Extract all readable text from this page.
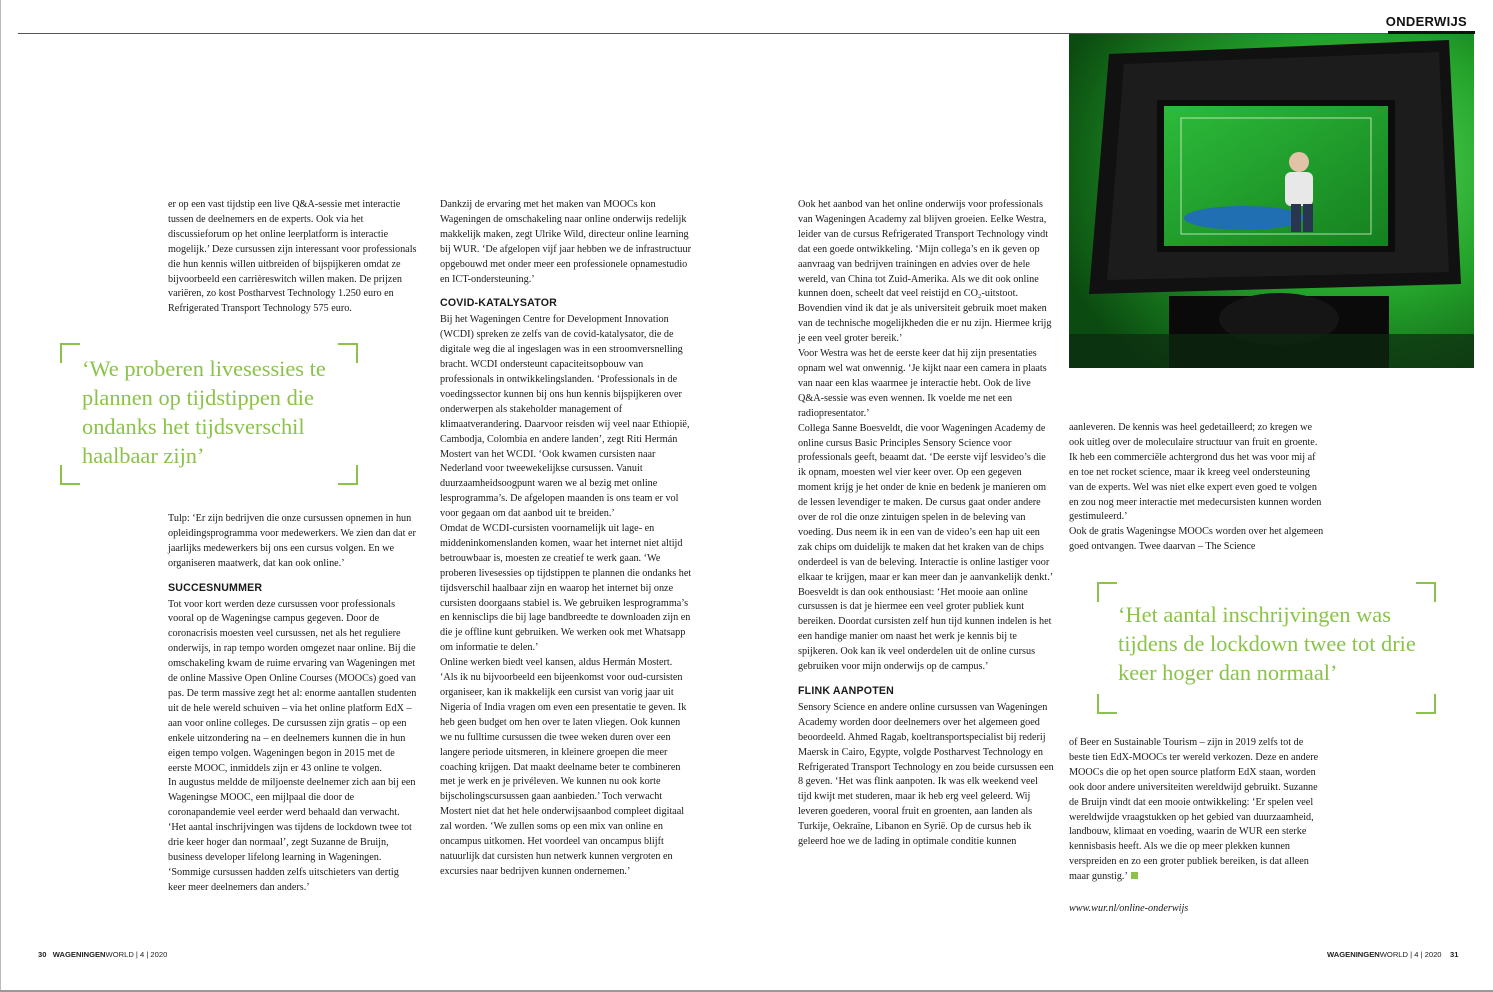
ONDERWIJS

er op een vast tijdstip een live Q&A-sessie met interactie tussen de deelnemers en de experts. Ook via het discussieforum op het online leerplatform is interactie mogelijk.’ Deze cursussen zijn interessant voor professionals die hun kennis willen uitbreiden of bijspijkeren omdat ze bijvoorbeeld een carrièreswitch willen maken. De prijzen variëren, zo kost Postharvest Technology 1.250 euro en Refrigerated Transport Technology 575 euro.

‘We proberen livesessies te plannen op tijdstippen die ondanks het tijdsverschil haalbaar zijn’

Tulp: ‘Er zijn bedrijven die onze cursussen opnemen in hun opleidingsprogramma voor medewerkers. We zien dan dat er jaarlijks medewerkers bij ons een cursus volgen. En we organiseren maatwerk, dat kan ook online.’

SUCCESNUMMER

Tot voor kort werden deze cursussen voor professionals vooral op de Wageningse campus gegeven. Door de coronacrisis moesten veel cursussen, net als het reguliere onderwijs, in rap tempo worden omgezet naar online. Bij die omschakeling kwam de ruime ervaring van Wageningen met de online Massive Open Online Courses (MOOCs) goed van pas. De term massive zegt het al: enorme aantallen studenten uit de hele wereld schuiven – via het online platform EdX – aan voor online colleges. De cursussen zijn gratis – op een enkele uitzondering na – en deelnemers kunnen die in hun eigen tempo volgen. Wageningen begon in 2015 met de eerste MOOC, inmiddels zijn er 43 online te volgen.

In augustus meldde de miljoenste deelnemer zich aan bij een Wageningse MOOC, een mijlpaal die door de coronapandemie veel eerder werd behaald dan verwacht. ‘Het aantal inschrijvingen was tijdens de lockdown twee tot drie keer hoger dan normaal’, zegt Suzanne de Bruijn, business developer lifelong learning in Wageningen. ‘Sommige cursussen hadden zelfs uitschieters van dertig keer meer deelnemers dan anders.’

Dankzij de ervaring met het maken van MOOCs kon Wageningen de omschakeling naar online onderwijs redelijk makkelijk maken, zegt Ulrike Wild, directeur online learning bij WUR. ‘De afgelopen vijf jaar hebben we de infrastructuur opgebouwd met onder meer een professionele opnamestudio en ICT-ondersteuning.’

COVID-KATALYSATOR

Bij het Wageningen Centre for Development Innovation (WCDI) spreken ze zelfs van de covid-katalysator, die de digitale weg die al ingeslagen was in een stroomversnelling bracht. WCDI ondersteunt capaciteitsopbouw van professionals in ontwikkelingslanden. ‘Professionals in de voedingssector kunnen bij ons hun kennis bijspijkeren over onderwerpen als stakeholder management of klimaatverandering. Daarvoor reisden wij veel naar Ethiopië, Cambodja, Colombia en andere landen’, zegt Riti Hermán Mostert van het WCDI. ‘Ook kwamen cursisten naar Nederland voor tweewekelijkse cursussen. Vanuit duurzaamheidsoogpunt waren we al bezig met online lesprogramma’s. De afgelopen maanden is ons team er vol voor gegaan om dat aanbod uit te breiden.’

Omdat de WCDI-cursisten voornamelijk uit lage- en middeninkomenslanden komen, waar het internet niet altijd betrouwbaar is, moesten ze creatief te werk gaan. ‘We proberen livesessies op tijdstippen te plannen die ondanks het tijdsverschil haalbaar zijn en waarop het internet bij onze cursisten doorgaans stabiel is. We gebruiken lesprogramma’s en kennisclips die bij lage bandbreedte te downloaden zijn en die je offline kunt gebruiken. We werken ook met Whatsapp om informatie te delen.’

Online werken biedt veel kansen, aldus Hermán Mostert. ‘Als ik nu bijvoorbeeld een bijeenkomst voor oud-cursisten organiseer, kan ik makkelijk een cursist van vorig jaar uit Nigeria of India vragen om even een presentatie te geven. Ik heb geen budget om hen over te laten vliegen. Ook kunnen we nu fulltime cursussen die twee weken duren over een langere periode uitsmeren, in kleinere groepen die meer coaching krijgen. Dat maakt deelname beter te combineren met je werk en je privéleven. We kunnen nu ook korte bijscholingscursussen gaan aanbieden.’ Toch verwacht Mostert niet dat het hele onderwijsaanbod compleet digitaal zal worden. ‘We zullen soms op een mix van online en oncampus uitkomen. Het voordeel van oncampus blijft natuurlijk dat cursisten hun netwerk kunnen vergroten en excursies naar bedrijven kunnen ondernemen.’

Ook het aanbod van het online onderwijs voor professionals van Wageningen Academy zal blijven groeien. Eelke Westra, leider van de cursus Refrigerated Transport Technology vindt dat een goede ontwikkeling. ‘Mijn collega’s en ik geven op aanvraag van bedrijven trainingen en advies over de hele wereld, van China tot Zuid-Amerika. Als we dit ook online kunnen doen, scheelt dat veel reistijd en CO₂-uitstoot. Bovendien vind ik dat je als universiteit gebruik moet maken van de technische mogelijkheden die er nu zijn. Hiermee krijg je een veel groter bereik.’

Voor Westra was het de eerste keer dat hij zijn presentaties opnam wel wat onwennig. ‘Je kijkt naar een camera in plaats van naar een klas waarmee je interactie hebt. Ook de live Q&A-sessie was even wennen. Ik voelde me net een radiopresentator.’

Collega Sanne Boesveldt, die voor Wageningen Academy de online cursus Basic Principles Sensory Science voor professionals geeft, beaamt dat. ‘De eerste vijf lesvideo’s die ik opnam, moesten wel vier keer over. Op een gegeven moment krijg je het onder de knie en bedenk je manieren om de lessen levendiger te maken. De cursus gaat onder andere over de rol die onze zintuigen spelen in de beleving van voeding. Dus neem ik in een van de video’s een hap uit een zak chips om duidelijk te maken dat het kraken van de chips onderdeel is van de beleving. Interactie is online lastiger voor elkaar te krijgen, maar er kan meer dan je aanvankelijk denkt.’

Boesveldt is dan ook enthousiast: ‘Het mooie aan online cursussen is dat je hiermee een veel groter publiek kunt bereiken. Doordat cursisten zelf hun tijd kunnen indelen is het een handige manier om naast het werk je kennis bij te spijkeren. Ook kan ik veel onderdelen uit de online cursus gebruiken voor mijn onderwijs op de campus.’

FLINK AANPOTEN

Sensory Science en andere online cursussen van Wageningen Academy worden door deelnemers over het algemeen goed beoordeeld. Ahmed Ragab, koeltransportspecialist bij rederij Maersk in Cairo, Egypte, volgde Postharvest Technology en Refrigerated Transport Technology en zou beide cursussen een 8 geven. ‘Het was flink aanpoten. Ik was elk weekend veel tijd kwijt met studeren, maar ik heb erg veel geleerd. Wij leveren goederen, vooral fruit en groenten, aan landen als Turkije, Oekraïne, Libanon en Syrië. Op de cursus heb ik geleerd hoe we de lading in optimale conditie kunnen

aanleveren. De kennis was heel gedetailleerd; zo kregen we ook uitleg over de moleculaire structuur van fruit en groente. Ik heb een commerciële achtergrond dus het was voor mij af en toe net rocket science, maar ik kreeg veel ondersteuning van de experts. Wel was niet elke expert even goed te volgen en zou nog meer interactie met medecursisten kunnen worden gestimuleerd.’

Ook de gratis Wageningse MOOCs worden over het algemeen goed ontvangen. Twee daarvan – The Science

‘Het aantal inschrijvingen was tijdens de lockdown twee tot drie keer hoger dan normaal’

of Beer en Sustainable Tourism – zijn in 2019 zelfs tot de beste tien EdX-MOOCs ter wereld verkozen. Deze en andere MOOCs die op het open source platform EdX staan, worden ook door andere universiteiten wereldwijd gebruikt. Suzanne de Bruijn vindt dat een mooie ontwikkeling: ‘Er spelen veel wereldwijde vraagstukken op het gebied van duurzaamheid, landbouw, klimaat en voeding, waarin de WUR een sterke kennisbasis heeft. Als we die op meer plekken kunnen verspreiden en zo een groter publiek bereiken, is dat alleen maar gunstig.’

www.wur.nl/online-onderwijs
30 WAGENINGENWORLD | 4 | 2020	WAGENINGENWORLD | 4 | 2020 31
